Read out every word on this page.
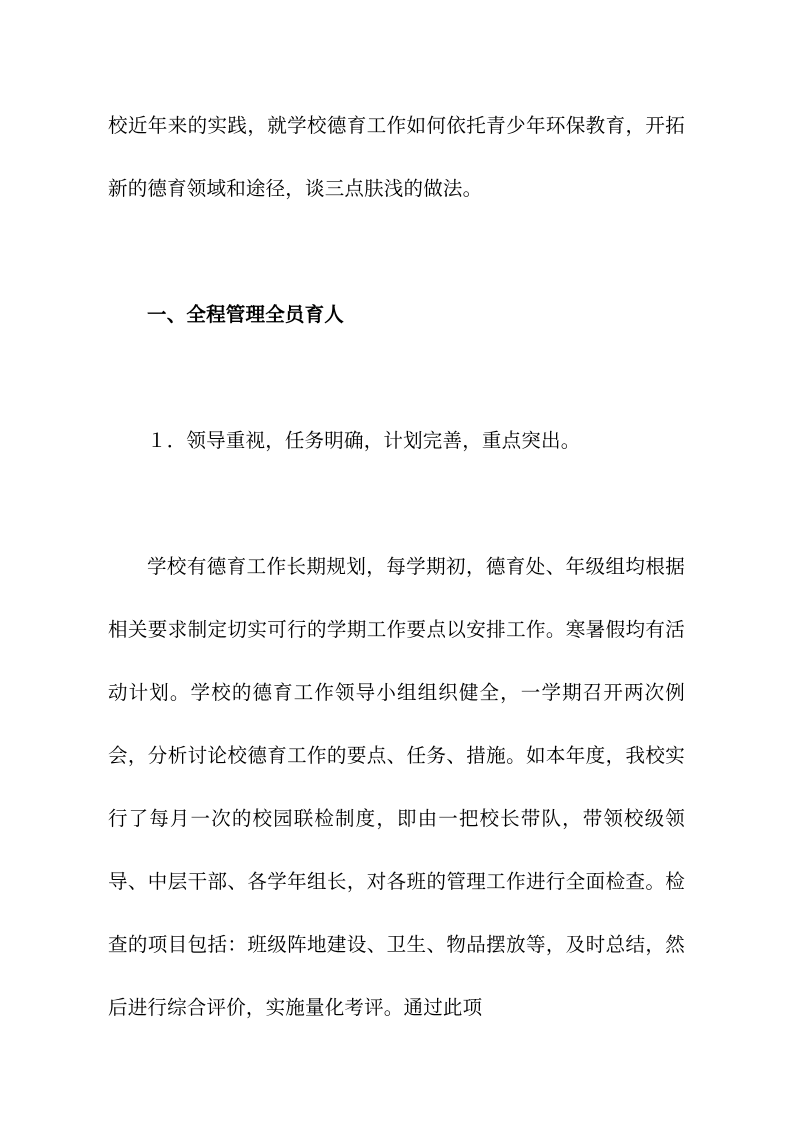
校近年来的实践，就学校德育工作如何依托青少年环保教育，开拓新的德育领域和途径，谈三点肤浅的做法。

一、全程管理全员育人

１．领导重视，任务明确，计划完善，重点突出。

学校有德育工作长期规划，每学期初，德育处、年级组均根据相关要求制定切实可行的学期工作要点以安排工作。寒暑假均有活动计划。学校的德育工作领导小组组织健全，一学期召开两次例会，分析讨论校德育工作的要点、任务、措施。如本年度，我校实行了每月一次的校园联检制度，即由一把校长带队，带领校级领导、中层干部、各学年组长，对各班的管理工作进行全面检查。检查的项目包括：班级阵地建设、卫生、物品摆放等，及时总结，然后进行综合评价，实施量化考评。通过此项
